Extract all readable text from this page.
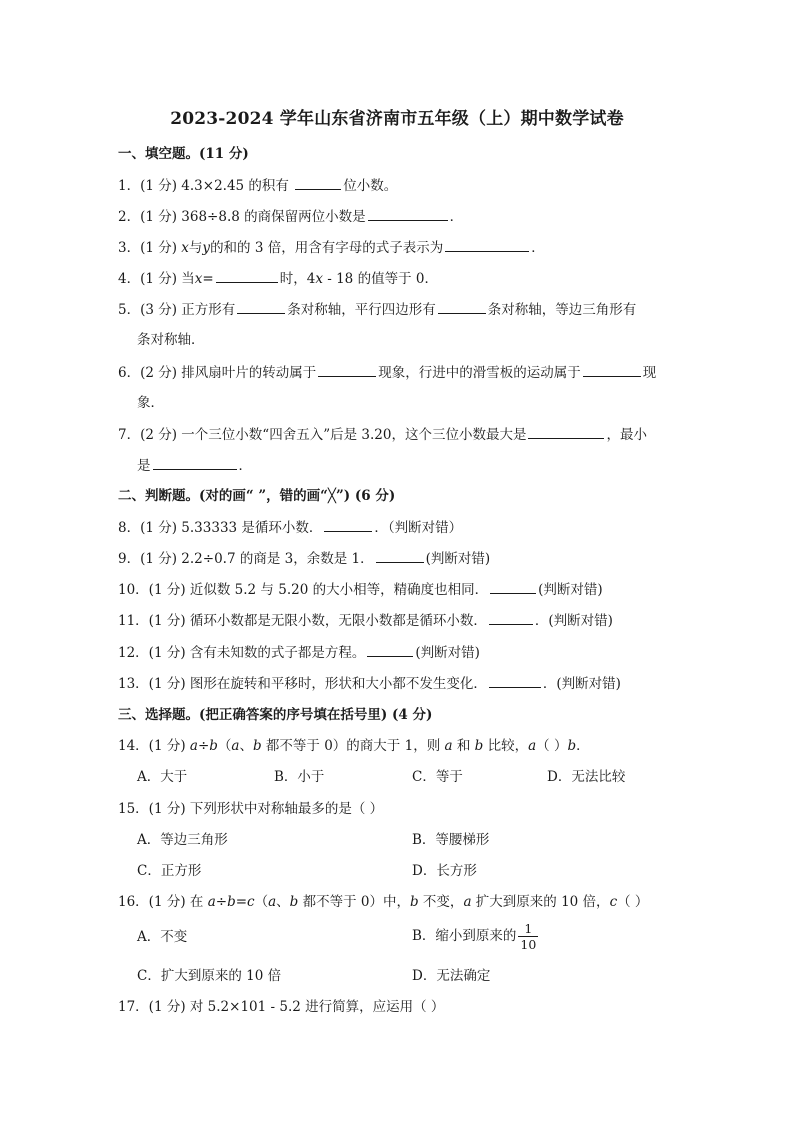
2023-2024 学年山东省济南市五年级（上）期中数学试卷
一、填空题。(11 分)
1．(1 分) 4.3×2.45 的积有	位小数。
2．(1 分) 368÷8.8 的商保留两位小数是	．
3．(1 分) x与y的和的 3 倍，用含有字母的式子表示为	．
4．(1 分) 当x=	时，4x - 18 的值等于 0．
5．(3 分) 正方形有	条对称轴，平行四边形有	条对称轴，等边三角形有
条对称轴．
6．(2 分) 排风扇叶片的转动属于	现象，行进中的滑雪板的运动属于	现
象．
7．(2 分) 一个三位小数“四舍五入”后是 3.20，这个三位小数最大是	，最小
是	．
二、判断题。(对的画“ ”，错的画“╳”) (6 分)
8．(1 分) 5.33333 是循环小数．	．（判断对错）
9．(1 分) 2.2÷0.7 的商是 3，余数是 1．	(判断对错)
10．(1 分) 近似数 5.2 与 5.20 的大小相等，精确度也相同．	(判断对错)
11．(1 分) 循环小数都是无限小数，无限小数都是循环小数．	．(判断对错)
12．(1 分) 含有未知数的式子都是方程。	(判断对错)
13．(1 分) 图形在旋转和平移时，形状和大小都不发生变化．	．(判断对错)
三、选择题。(把正确答案的序号填在括号里) (4 分)
14．(1 分) a÷b（a、b 都不等于 0）的商大于 1，则 a 和 b 比较，a（ ）b．
A．大于	B．小于	C．等于	D．无法比较
15．(1 分) 下列形状中对称轴最多的是（ ）
A．等边三角形	B．等腰梯形
C．正方形	D．长方形
16．(1 分) 在 a÷b=c（a、b 都不等于 0）中，b 不变，a 扩大到原来的 10 倍，c（ ）
A．不变	B．缩小到原来的 $\frac{1}{10}$
C．扩大到原来的 10 倍	D．无法确定
17．(1 分) 对 5.2×101 - 5.2 进行简算，应运用（ ）
